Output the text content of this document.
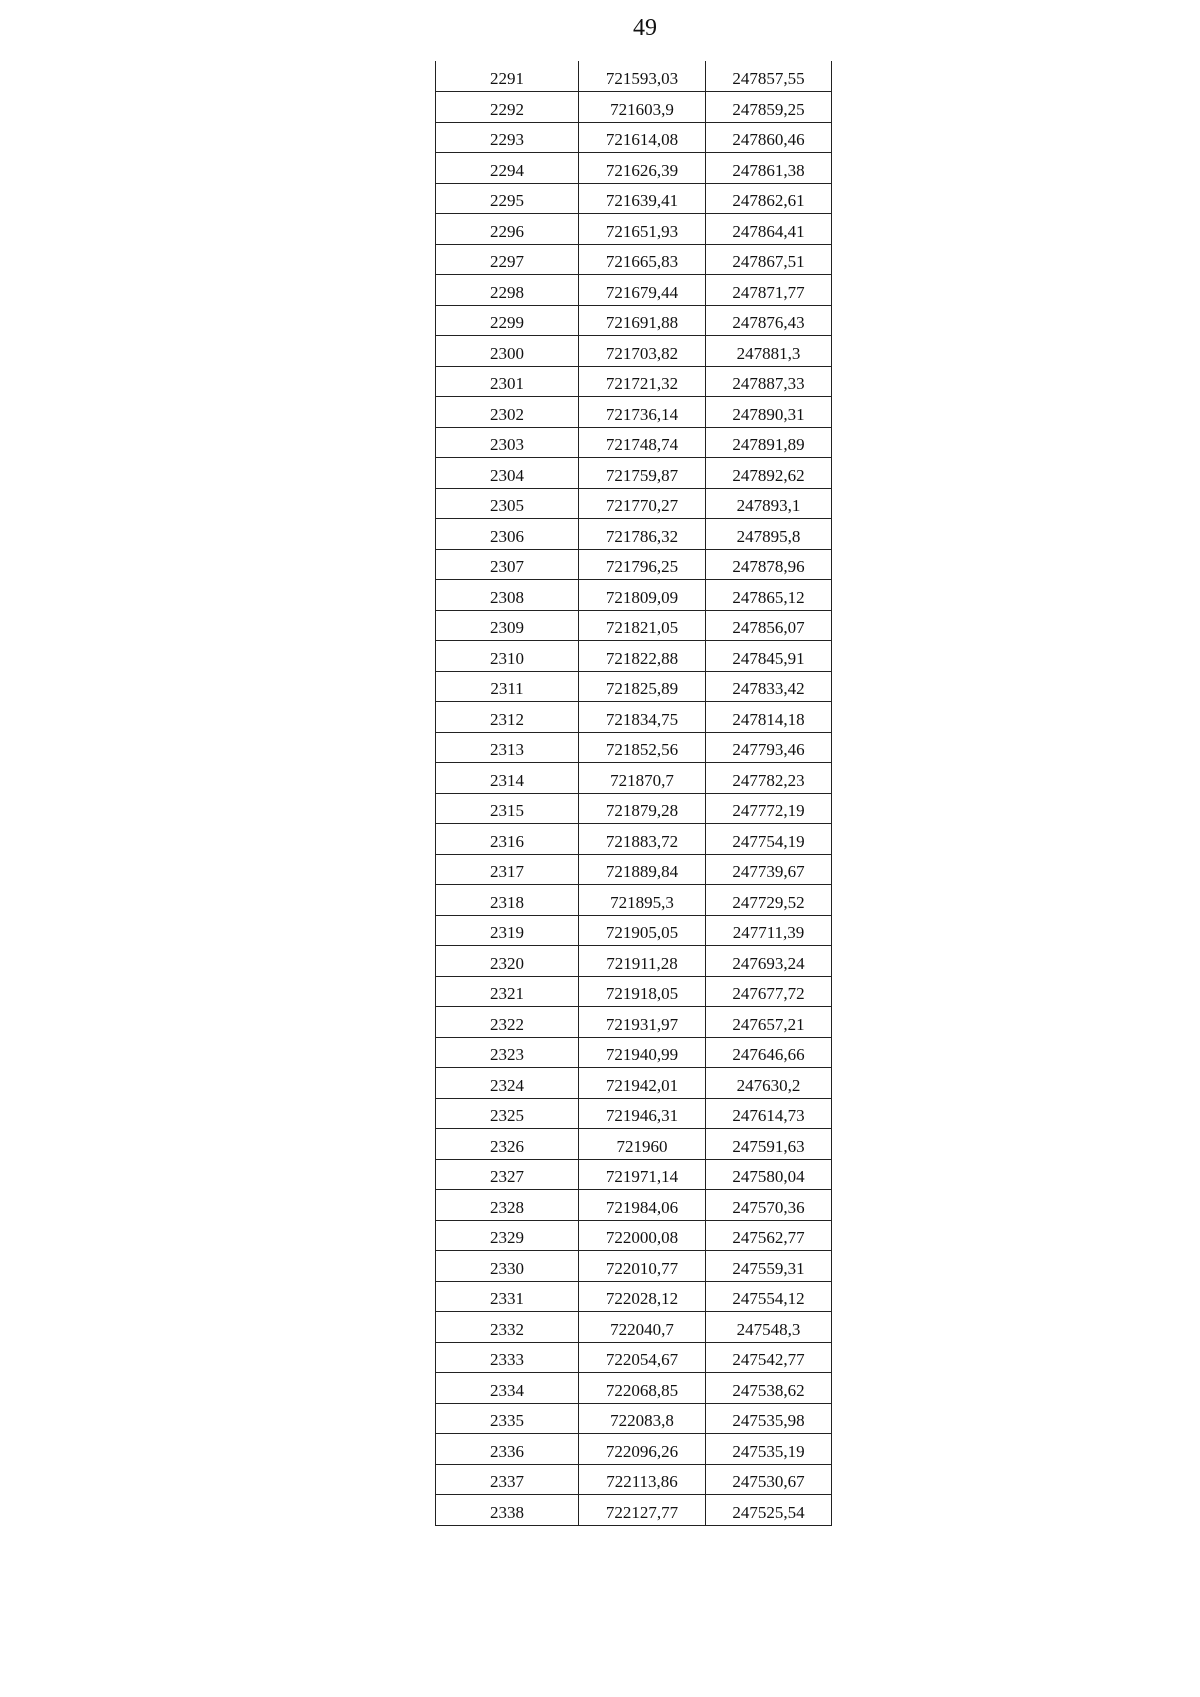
49
2291	721593,03	247857,55
2292	721603,9	247859,25
2293	721614,08	247860,46
2294	721626,39	247861,38
2295	721639,41	247862,61
2296	721651,93	247864,41
2297	721665,83	247867,51
2298	721679,44	247871,77
2299	721691,88	247876,43
2300	721703,82	247881,3
2301	721721,32	247887,33
2302	721736,14	247890,31
2303	721748,74	247891,89
2304	721759,87	247892,62
2305	721770,27	247893,1
2306	721786,32	247895,8
2307	721796,25	247878,96
2308	721809,09	247865,12
2309	721821,05	247856,07
2310	721822,88	247845,91
2311	721825,89	247833,42
2312	721834,75	247814,18
2313	721852,56	247793,46
2314	721870,7	247782,23
2315	721879,28	247772,19
2316	721883,72	247754,19
2317	721889,84	247739,67
2318	721895,3	247729,52
2319	721905,05	247711,39
2320	721911,28	247693,24
2321	721918,05	247677,72
2322	721931,97	247657,21
2323	721940,99	247646,66
2324	721942,01	247630,2
2325	721946,31	247614,73
2326	721960	247591,63
2327	721971,14	247580,04
2328	721984,06	247570,36
2329	722000,08	247562,77
2330	722010,77	247559,31
2331	722028,12	247554,12
2332	722040,7	247548,3
2333	722054,67	247542,77
2334	722068,85	247538,62
2335	722083,8	247535,98
2336	722096,26	247535,19
2337	722113,86	247530,67
2338	722127,77	247525,54
